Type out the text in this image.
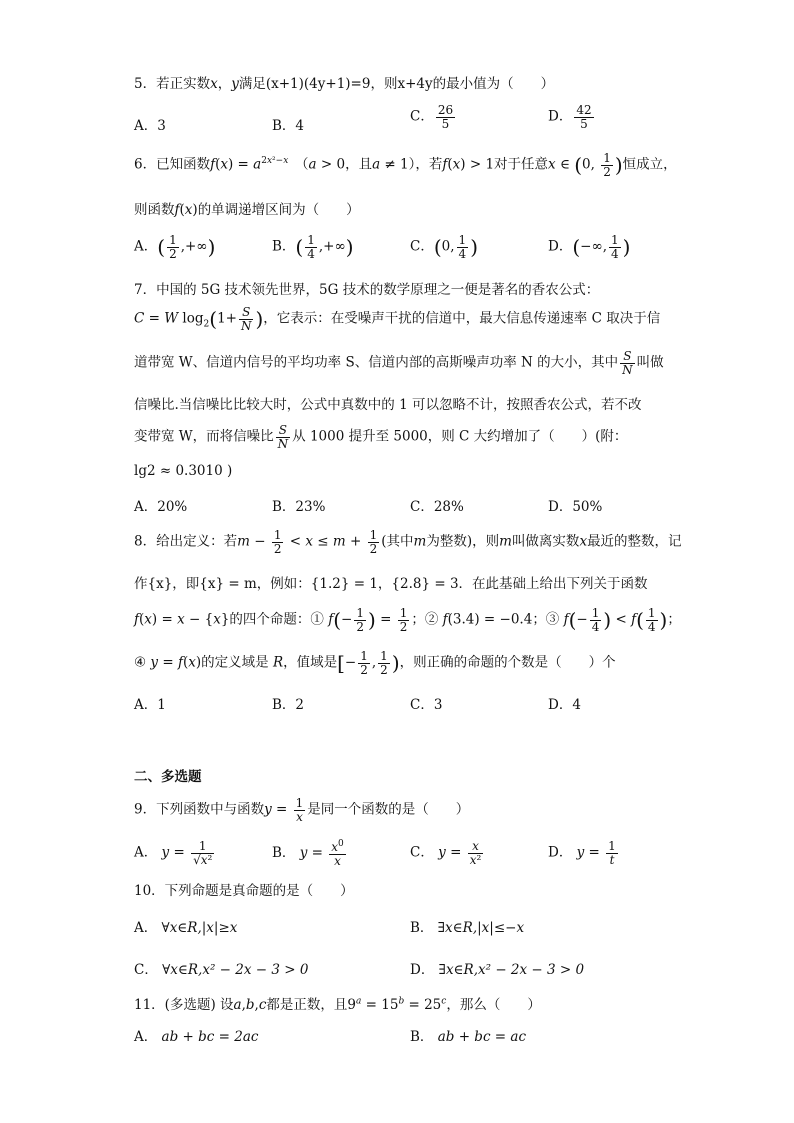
5．若正实数x，y满足(x+1)(4y+1)=9，则x+4y的最小值为（　　）
A．3	B．4
C． $\frac{26}{5}$	D． $\frac{42}{5}$
6．已知函数$f(x) = a^{2x^2-x}$　 （a > 0，且a ≠ 1），若f(x) > 1对于任意x ∈ (0, $\frac{1}{2}$ )恒成立，
则函数f(x)的单调递增区间为（　　）
A．( $\frac{1}{2}$ ,+∞)	B．( $\frac{1}{4}$ ,+∞)	C．(0, $\frac{1}{4}$ )	D．(−∞, $\frac{1}{4}$ )
7．中国的 5G 技术领先世界，5G 技术的数学原理之一便是著名的香农公式：
C = W $\log_2(1+ \frac{S}{N}$ )，它表示：在受噪声干扰的信道中，最大信息传递速率 C 取决于信
道带宽 W、信道内信号的平均功率 S、信道内部的高斯噪声功率 N 的大小，其中 $\frac{S}{N}$ 叫做
信噪比.当信噪比比较大时，公式中真数中的 1 可以忽略不计，按照香农公式，若不改
变带宽 W，而将信噪比 $\frac{S}{N}$ 从 1000 提升至 5000，则 C 大约增加了（　　）(附：
lg2 ≈ 0.3010 )
A．20%	B．23%	C．28%	D．50%
8．给出定义：若$m - \frac{1}{2} < x \le m + \frac{1}{2}$ (其中m为整数)，则m叫做离实数x最近的整数，记
作{x}，即{x} = m，例如：{1.2} = 1，{2.8} = 3．在此基础上给出下列关于函数
f(x) = x − {x}的四个命题：① $f(- \frac{1}{2}$ ) = $\frac{1}{2}$ ；② f(3.4) = −0.4；③ $f(- \frac{1}{4}$ ) < $f( \frac{1}{4}$ )；
④ y = f(x)的定义域是 R，值域是[− $\frac{1}{2}$ , $\frac{1}{2}$ )，则正确的命题的个数是（　　）个
A．1	B．2	C．3	D．4
二、多选题
9．下列函数中与函数$y = \frac{1}{x}$ 是同一个函数的是（　　）
A． $y = \frac{1}{\text{√x²}}$	B． $y = \frac{x^0}{x}$	C． $y = \frac{x}{\text{x²}}$	D． $y = \frac{1}{t}$
10．下列命题是真命题的是（　　）
A． ∀x∈R,|x|≥x	B． ∃x∈R,|x|≤−x
C． ∀x∈R,x² − 2x − 3 > 0	D． ∃x∈R,x² − 2x − 3 > 0
11．(多选题) 设a,b,c都是正数，且$9^a = 15^b = 25^c$，那么（　　）
A． ab + bc = 2ac	B． ab + bc = ac
